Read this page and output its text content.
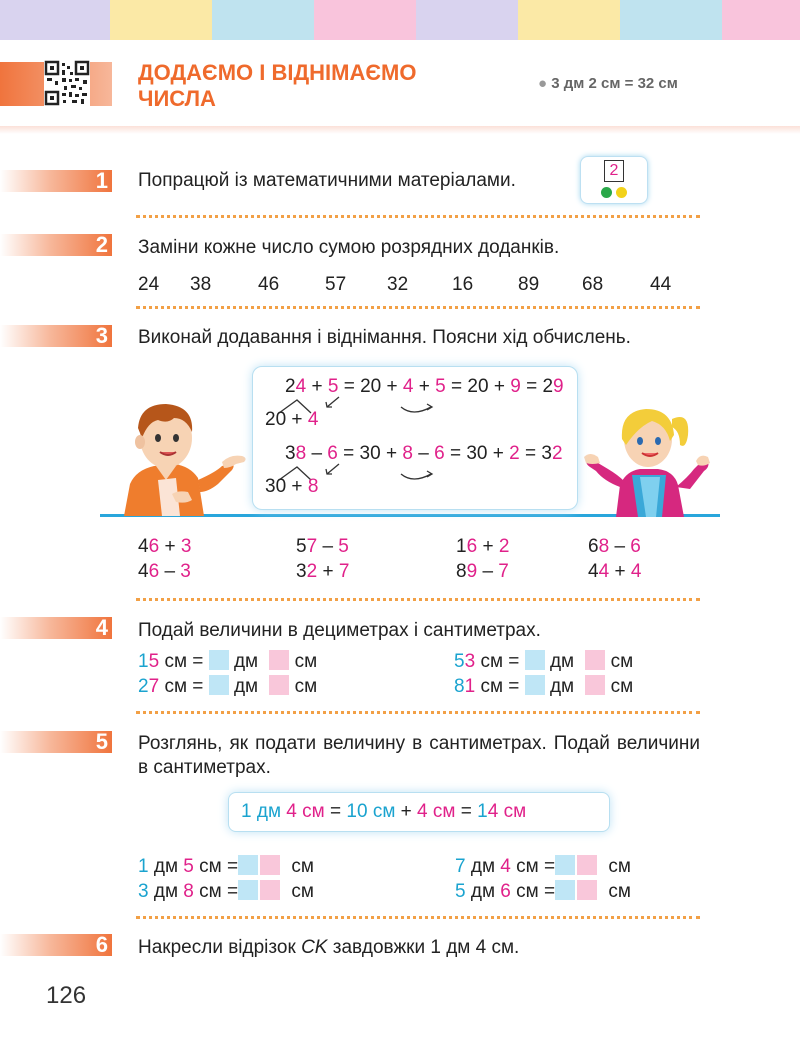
ДОДАЄМО І ВІДНІМАЄМО
ЧИСЛА
● 3 дм 2 см = 32 см
1 Попрацюй із математичними матеріалами.	2
2 Заміни кожне число сумою розрядних доданків.
24 38 46 57 32 16 89 68 44
3 Виконай додавання і віднімання. Поясни хід обчислень.
24 + 5 = 20 + 4 + 5 = 20 + 9 = 29
20 + 4
38 – 6 = 30 + 8 – 6 = 30 + 2 = 32
30 + 8
46 + 3	57 – 5	16 + 2	68 – 6
46 – 3	32 + 7	89 – 7	44 + 4
4 Подай величини в дециметрах і сантиметрах.
15 см = дм см	53 см = дм см
27 см = дм см	81 см = дм см
5 Розглянь, як подати величину в сантиметрах. Подай величини в сантиметрах.
1 дм 4 см = 10 см + 4 см = 14 см
1 дм 5 см =	см	7 дм 4 см =	см
3 дм 8 см =	см	5 дм 6 см =	см
6 Накресли відрізок CK завдовжки 1 дм 4 см.
126
